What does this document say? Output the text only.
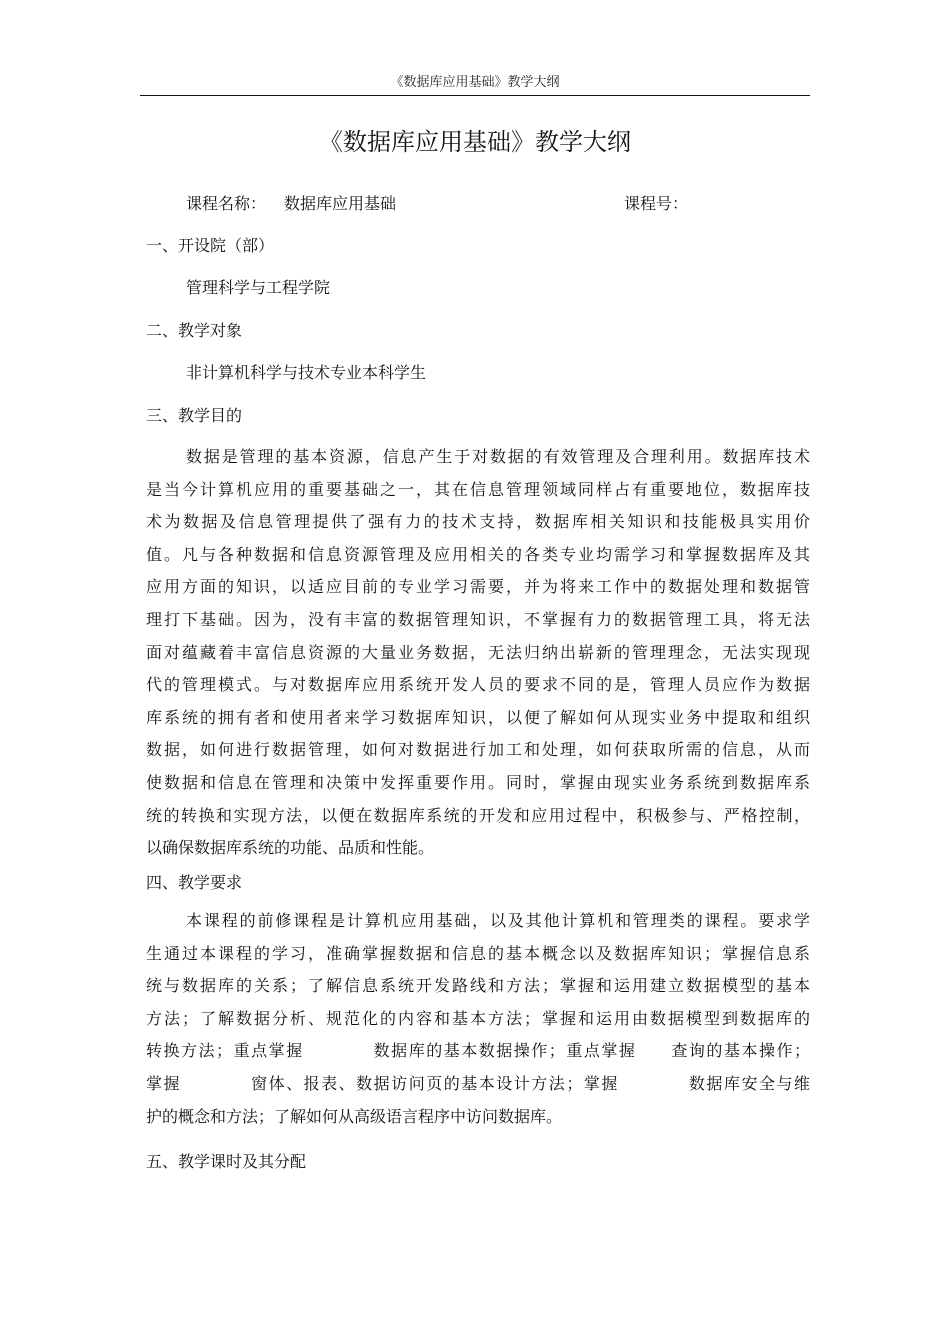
《数据库应用基础》教学大纲
《数据库应用基础》教学大纲
课程名称： 数据库应用基础	课程号：
一、开设院（部）
管理科学与工程学院
二、教学对象
非计算机科学与技术专业本科学生
三、教学目的
数据是管理的基本资源，信息产生于对数据的有效管理及合理利用。数据库技术
是当今计算机应用的重要基础之一，其在信息管理领域同样占有重要地位，数据库技
术为数据及信息管理提供了强有力的技术支持，数据库相关知识和技能极具实用价
值。凡与各种数据和信息资源管理及应用相关的各类专业均需学习和掌握数据库及其
应用方面的知识，以适应目前的专业学习需要，并为将来工作中的数据处理和数据管
理打下基础。因为，没有丰富的数据管理知识，不掌握有力的数据管理工具，将无法
面对蕴藏着丰富信息资源的大量业务数据，无法归纳出崭新的管理理念，无法实现现
代的管理模式。与对数据库应用系统开发人员的要求不同的是，管理人员应作为数据
库系统的拥有者和使用者来学习数据库知识，以便了解如何从现实业务中提取和组织
数据，如何进行数据管理，如何对数据进行加工和处理，如何获取所需的信息，从而
使数据和信息在管理和决策中发挥重要作用。同时，掌握由现实业务系统到数据库系
统的转换和实现方法，以便在数据库系统的开发和应用过程中，积极参与、严格控制，
以确保数据库系统的功能、品质和性能。
四、教学要求
本课程的前修课程是计算机应用基础，以及其他计算机和管理类的课程。要求学
生通过本课程的学习，准确掌握数据和信息的基本概念以及数据库知识；掌握信息系
统与数据库的关系；了解信息系统开发路线和方法；掌握和运用建立数据模型的基本
方法；了解数据分析、规范化的内容和基本方法；掌握和运用由数据模型到数据库的
转换方法；重点掌握　　　　数据库的基本数据操作；重点掌握　　查询的基本操作；
掌握　　　　窗体、报表、数据访问页的基本设计方法；掌握　　　　数据库安全与维
护的概念和方法；了解如何从高级语言程序中访问数据库。
五、教学课时及其分配
